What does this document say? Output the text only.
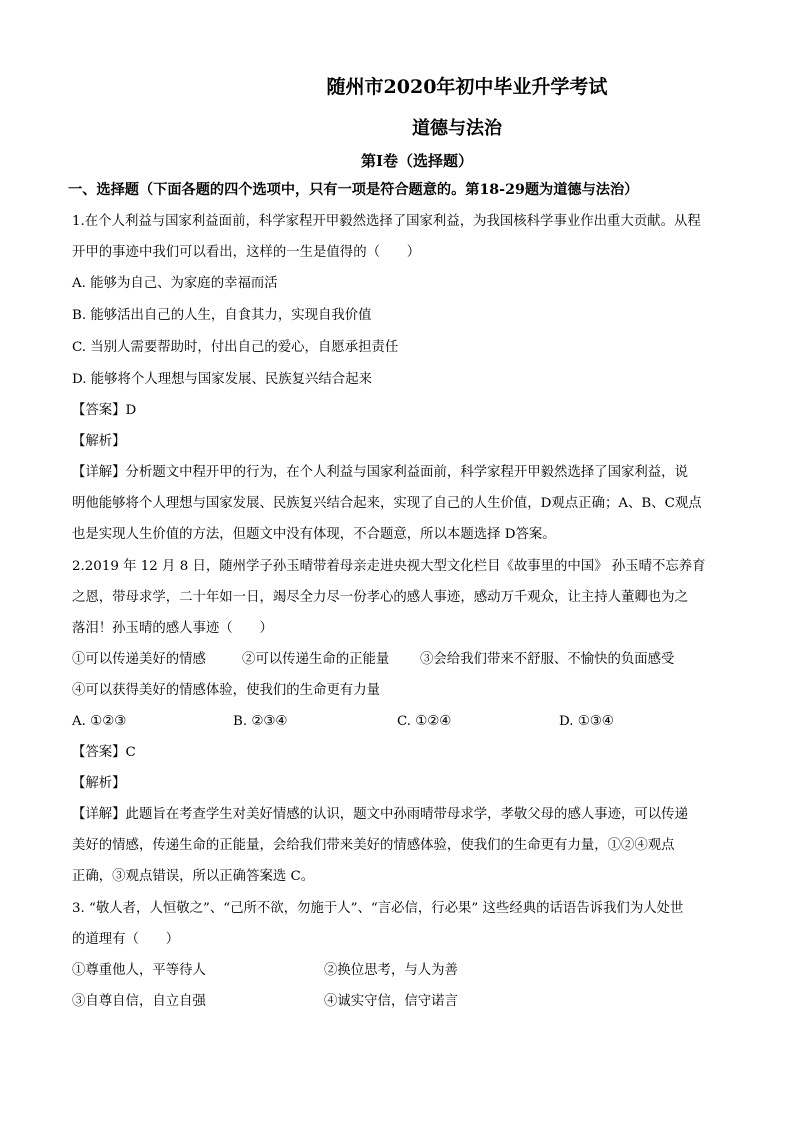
随州市2020年初中毕业升学考试
道德与法治
第Ⅰ卷（选择题）
一、选择题（下面各题的四个选项中，只有一项是符合题意的。第18-29题为道德与法治）
1.在个人利益与国家利益面前，科学家程开甲毅然选择了国家利益，为我国核科学事业作出重大贡献。从程
开甲的事迹中我们可以看出，这样的一生是值得的（　　）
A. 能够为自己、为家庭的幸福而活
B. 能够活出自己的人生，自食其力，实现自我价值
C. 当别人需要帮助时，付出自己的爱心，自愿承担责任
D. 能够将个人理想与国家发展、民族复兴结合起来
【答案】D
【解析】
【详解】分析题文中程开甲的行为，在个人利益与国家利益面前，科学家程开甲毅然选择了国家利益，说
明他能够将个人理想与国家发展、民族复兴结合起来，实现了自己的人生价值，D观点正确；A、B、C观点
也是实现人生价值的方法，但题文中没有体现，不合题意，所以本题选择 D答案。
2.2019 年 12 月 8 日，随州学子孙玉晴带着母亲走进央视大型文化栏目《故事里的中国》 孙玉晴不忘养育
之恩，带母求学，二十年如一日，竭尽全力尽一份孝心的感人事迹，感动万千观众，让主持人董卿也为之
落泪！孙玉晴的感人事迹（　　）
①可以传递美好的情感	②可以传递生命的正能量 ③会给我们带来不舒服、不愉快的负面感受
④可以获得美好的情感体验，使我们的生命更有力量
A. ①②③	B. ②③④	C. ①②④	D. ①③④
【答案】C
【解析】
【详解】此题旨在考查学生对美好情感的认识，题文中孙雨晴带母求学，孝敬父母的感人事迹，可以传递
美好的情感，传递生命的正能量，会给我们带来美好的情感体验，使我们的生命更有力量，①②④观点
正确，③观点错误，所以正确答案选 C。
3. “敬人者，人恒敬之”、“己所不欲，勿施于人”、“言必信，行必果” 这些经典的话语告诉我们为人处世
的道理有（　　）
①尊重他人，平等待人	②换位思考，与人为善
③自尊自信，自立自强	④诚实守信，信守诺言
